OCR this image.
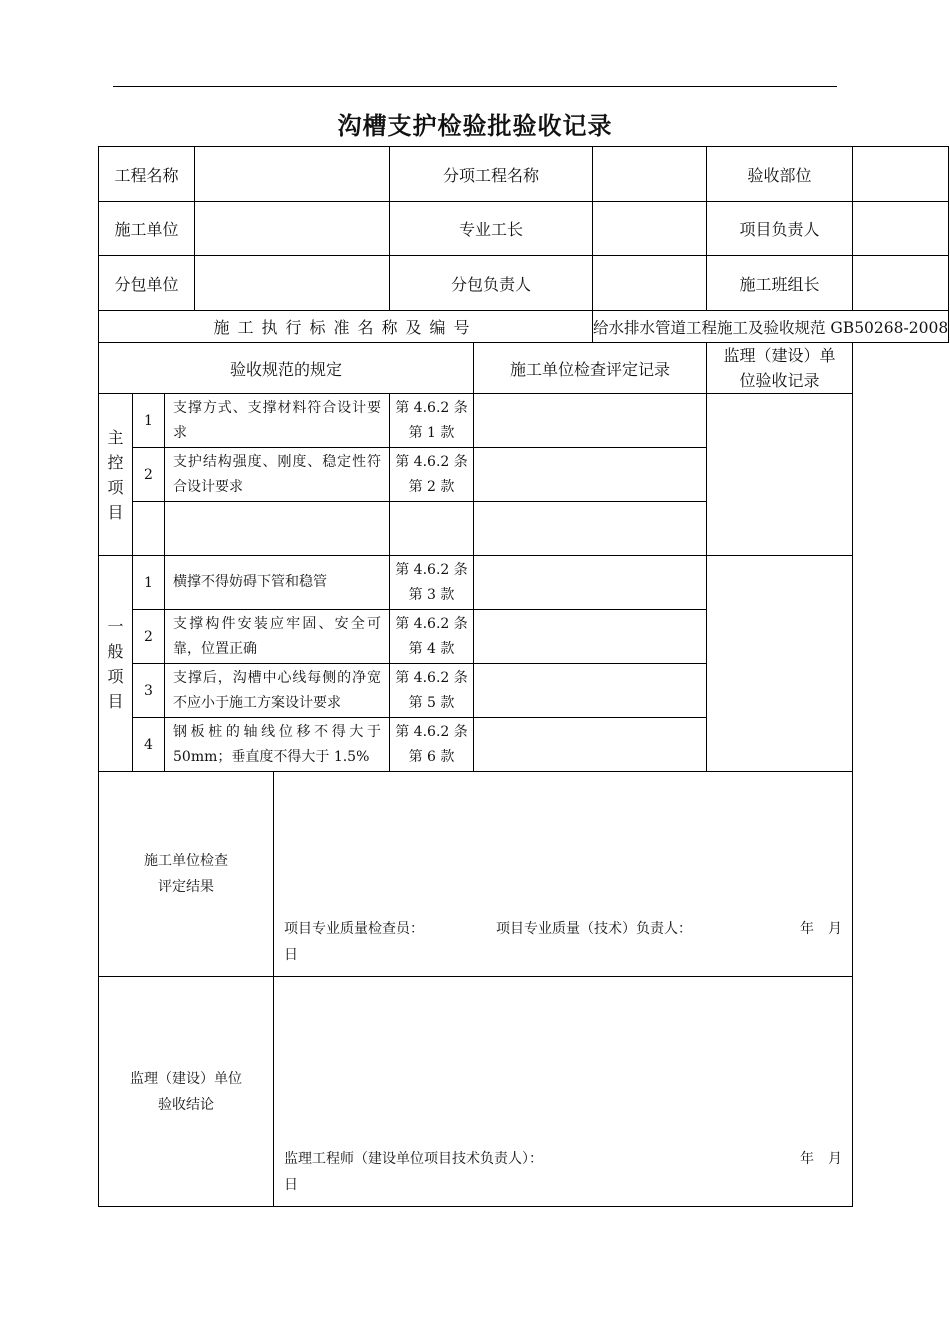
沟槽支护检验批验收记录
工程名称					分项工程名称			验收部位	
施工单位					专业工长			项目负责人	
分包单位					分包负责人			施工班组长	
施工执行标准名称及编号							给水排水管道工程施工及验收规范 GB50268-2008		
验收规范的规定						施工单位检查评定记录		监理（建设）单位验收记录	
主
控
项
目	1	支撑方式、支撑材料符合设计要求			第 4.6.2 条
第 1 款				
	2	支护结构强度、刚度、稳定性符合设计要求			第 4.6.2 条
第 2 款				

一
般
项
目	1	横撑不得妨碍下管和稳管			第 4.6.2 条
第 3 款				
	2	支撑构件安装应牢固、安全可靠，位置正确			第 4.6.2 条
第 4 款				
	3	支撑后，沟槽中心线每侧的净宽不应小于施工方案设计要求			第 4.6.2 条
第 5 款				
	4	钢板桩的轴线位移不得大于 50mm；垂直度不得大于 1.5%			第 4.6.2 条
第 6 款				
施工单位检查
评定结果				项目专业质量检查员： 项目专业质量（技术）负责人： 年　月
日					

监理（建设）单位
验收结论				监理工程师（建设单位项目技术负责人）： 年　月
日					
